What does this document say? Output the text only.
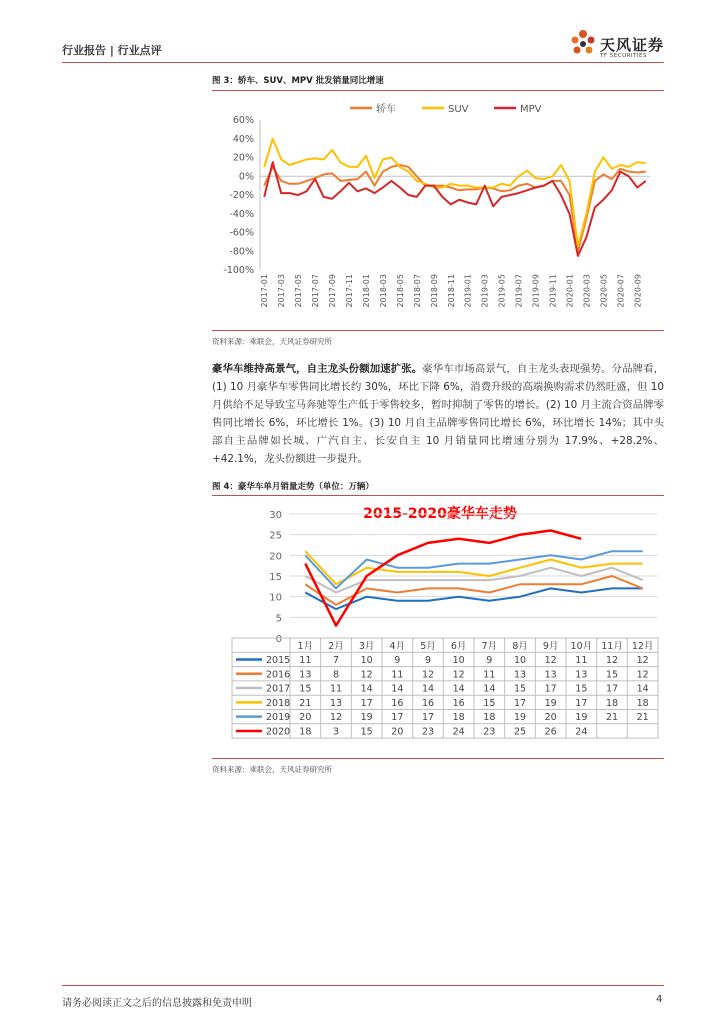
行业报告 | 行业点评	天风证券
TF SECURITIES
图 3：轿车、SUV、MPV 批发销量同比增速
轿车	SUV	MPV
60%
40%
20%
0%
-20%
-40%
-60%
-80%
-100%
2017-01 2017-03 2017-05 2017-07 2017-09 2017-11 2018-01 2018-03 2018-05 2018-07 2018-09 2018-11 2019-01 2019-03 2019-05 2019-07 2019-09 2019-11 2020-01 2020-03 2020-05 2020-07 2020-09
资料来源：乘联会，天风证券研究所
豪华车维持高景气，自主龙头份额加速扩张。豪华车市场高景气，自主龙头表现强势。分品牌看，(1) 10 月豪华车零售同比增长约 30%，环比下降 6%，消费升级的高端换购需求仍然旺盛，但 10 月供给不足导致宝马奔驰等生产低于零售较多，暂时抑制了零售的增长。(2) 10 月主流合资品牌零售同比增长 6%，环比增长 1%。(3) 10 月自主品牌零售同比增长 6%，环比增长 14%；其中头部自主品牌如长城、广汽自主、长安自主 10 月销量同比增速分别为 17.9%、+28.2%、+42.1%，龙头份额进一步提升。
图 4：豪华车单月销量走势（单位：万辆）
2015-2020豪华车走势
30
25
20
15
10
5
0
1月 2月 3月 4月 5月 6月 7月 8月 9月 10月 11月 12月
2015 11 7 10 9	9 10 9 10 12 11 12 12
2016 13 8 12 11 12 12 11 13 13 13 15 12
2017 15 11 14 14 14 14 14 15 17 15 17 14
2018 21 13 17 16 16 16 15 17 19 17 18 18
2019 20 12 19 17 17 18 18 19 20 19 21 21
2020 18 3 15 20 23 24 23 25 26 24
资料来源：乘联会，天风证券研究所
请务必阅读正文之后的信息披露和免责申明	4
